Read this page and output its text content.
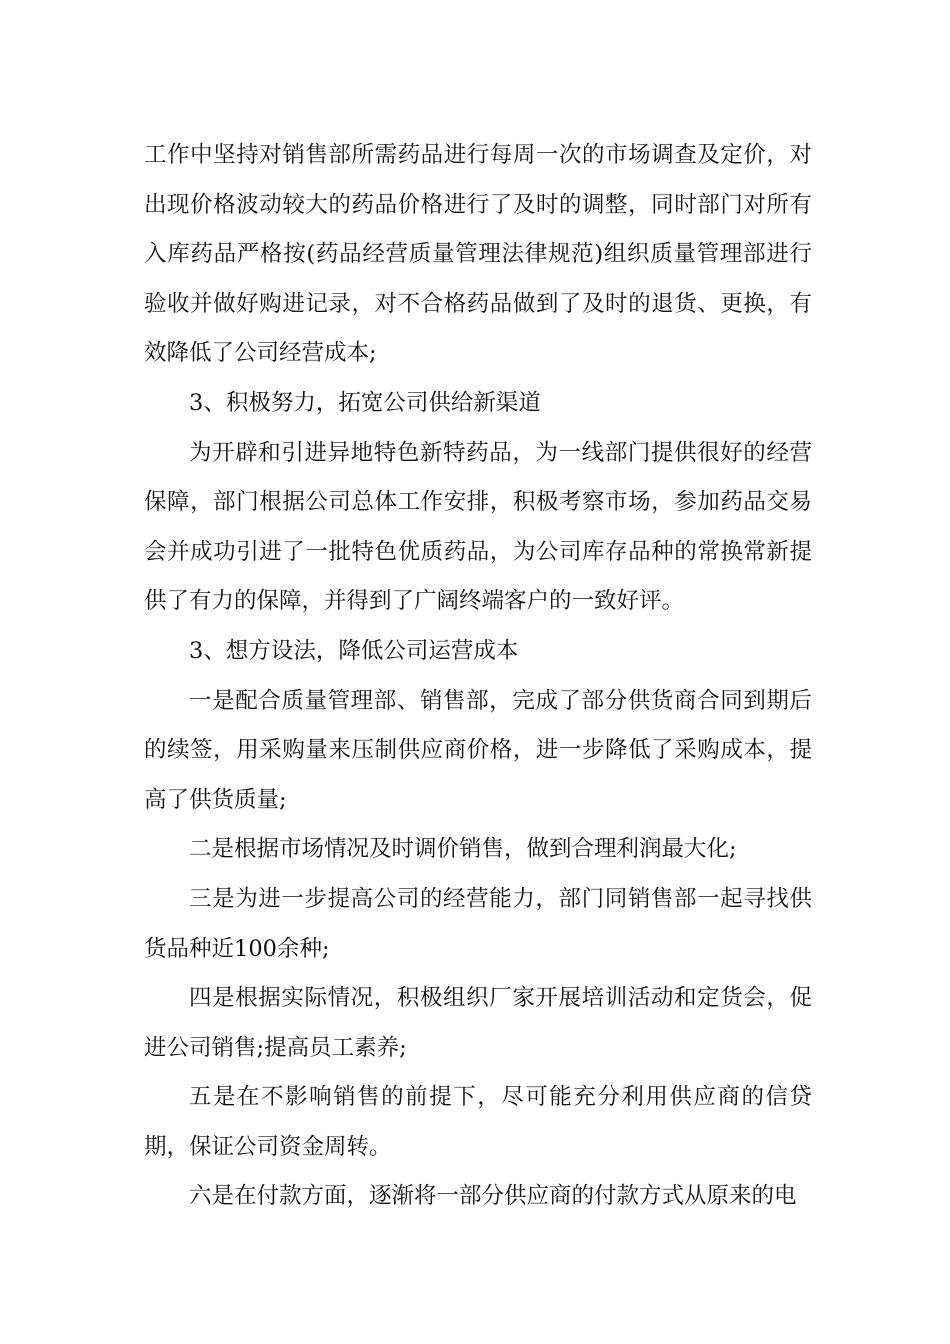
工作中坚持对销售部所需药品进行每周一次的市场调查及定价，对出现价格波动较大的药品价格进行了及时的调整，同时部门对所有入库药品严格按(药品经营质量管理法律规范)组织质量管理部进行验收并做好购进记录，对不合格药品做到了及时的退货、更换，有效降低了公司经营成本;

3、积极努力，拓宽公司供给新渠道

为开辟和引进异地特色新特药品，为一线部门提供很好的经营保障，部门根据公司总体工作安排，积极考察市场，参加药品交易会并成功引进了一批特色优质药品，为公司库存品种的常换常新提供了有力的保障，并得到了广阔终端客户的一致好评。

3、想方设法，降低公司运营成本

一是配合质量管理部、销售部，完成了部分供货商合同到期后的续签，用采购量来压制供应商价格，进一步降低了采购成本，提高了供货质量;

二是根据市场情况及时调价销售，做到合理利润最大化;

三是为进一步提高公司的经营能力，部门同销售部一起寻找供货品种近100余种;

四是根据实际情况，积极组织厂家开展培训活动和定货会，促进公司销售;提高员工素养;

五是在不影响销售的前提下，尽可能充分利用供应商的信贷期，保证公司资金周转。

六是在付款方面，逐渐将一部分供应商的付款方式从原来的电
